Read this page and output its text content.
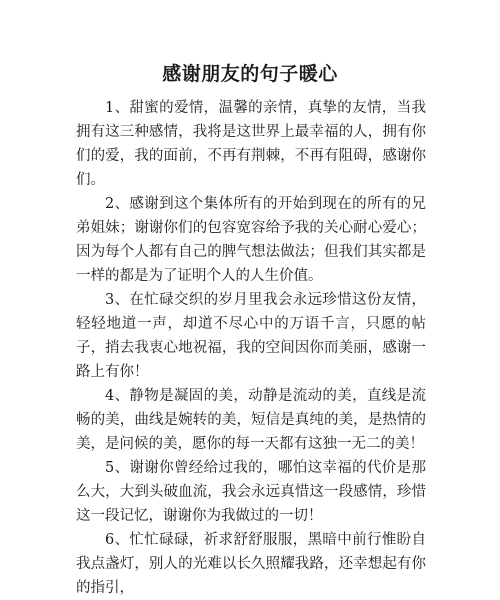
感谢朋友的句子暖心

1、甜蜜的爱情，温馨的亲情，真挚的友情，当我拥有这三种感情，我将是这世界上最幸福的人，拥有你们的爱，我的面前，不再有荆棘，不再有阻碍，感谢你们。

2、感谢到这个集体所有的开始到现在的所有的兄弟姐妹；谢谢你们的包容宽容给予我的关心耐心爱心；因为每个人都有自己的脾气想法做法；但我们其实都是一样的都是为了证明个人的人生价值。

3、在忙碌交织的岁月里我会永远珍惜这份友情，轻轻地道一声，却道不尽心中的万语千言，只愿的帖子，捎去我衷心地祝福，我的空间因你而美丽，感谢一路上有你！

4、静物是凝固的美，动静是流动的美，直线是流畅的美，曲线是婉转的美，短信是真纯的美，是热情的美，是问候的美，愿你的每一天都有这独一无二的美！

5、谢谢你曾经给过我的，哪怕这幸福的代价是那么大，大到头破血流，我会永远真惜这一段感情，珍惜这一段记忆，谢谢你为我做过的一切！

6、忙忙碌碌，祈求舒舒服服，黑暗中前行惟盼自我点盏灯，别人的光难以长久照耀我路，还幸想起有你的指引，
